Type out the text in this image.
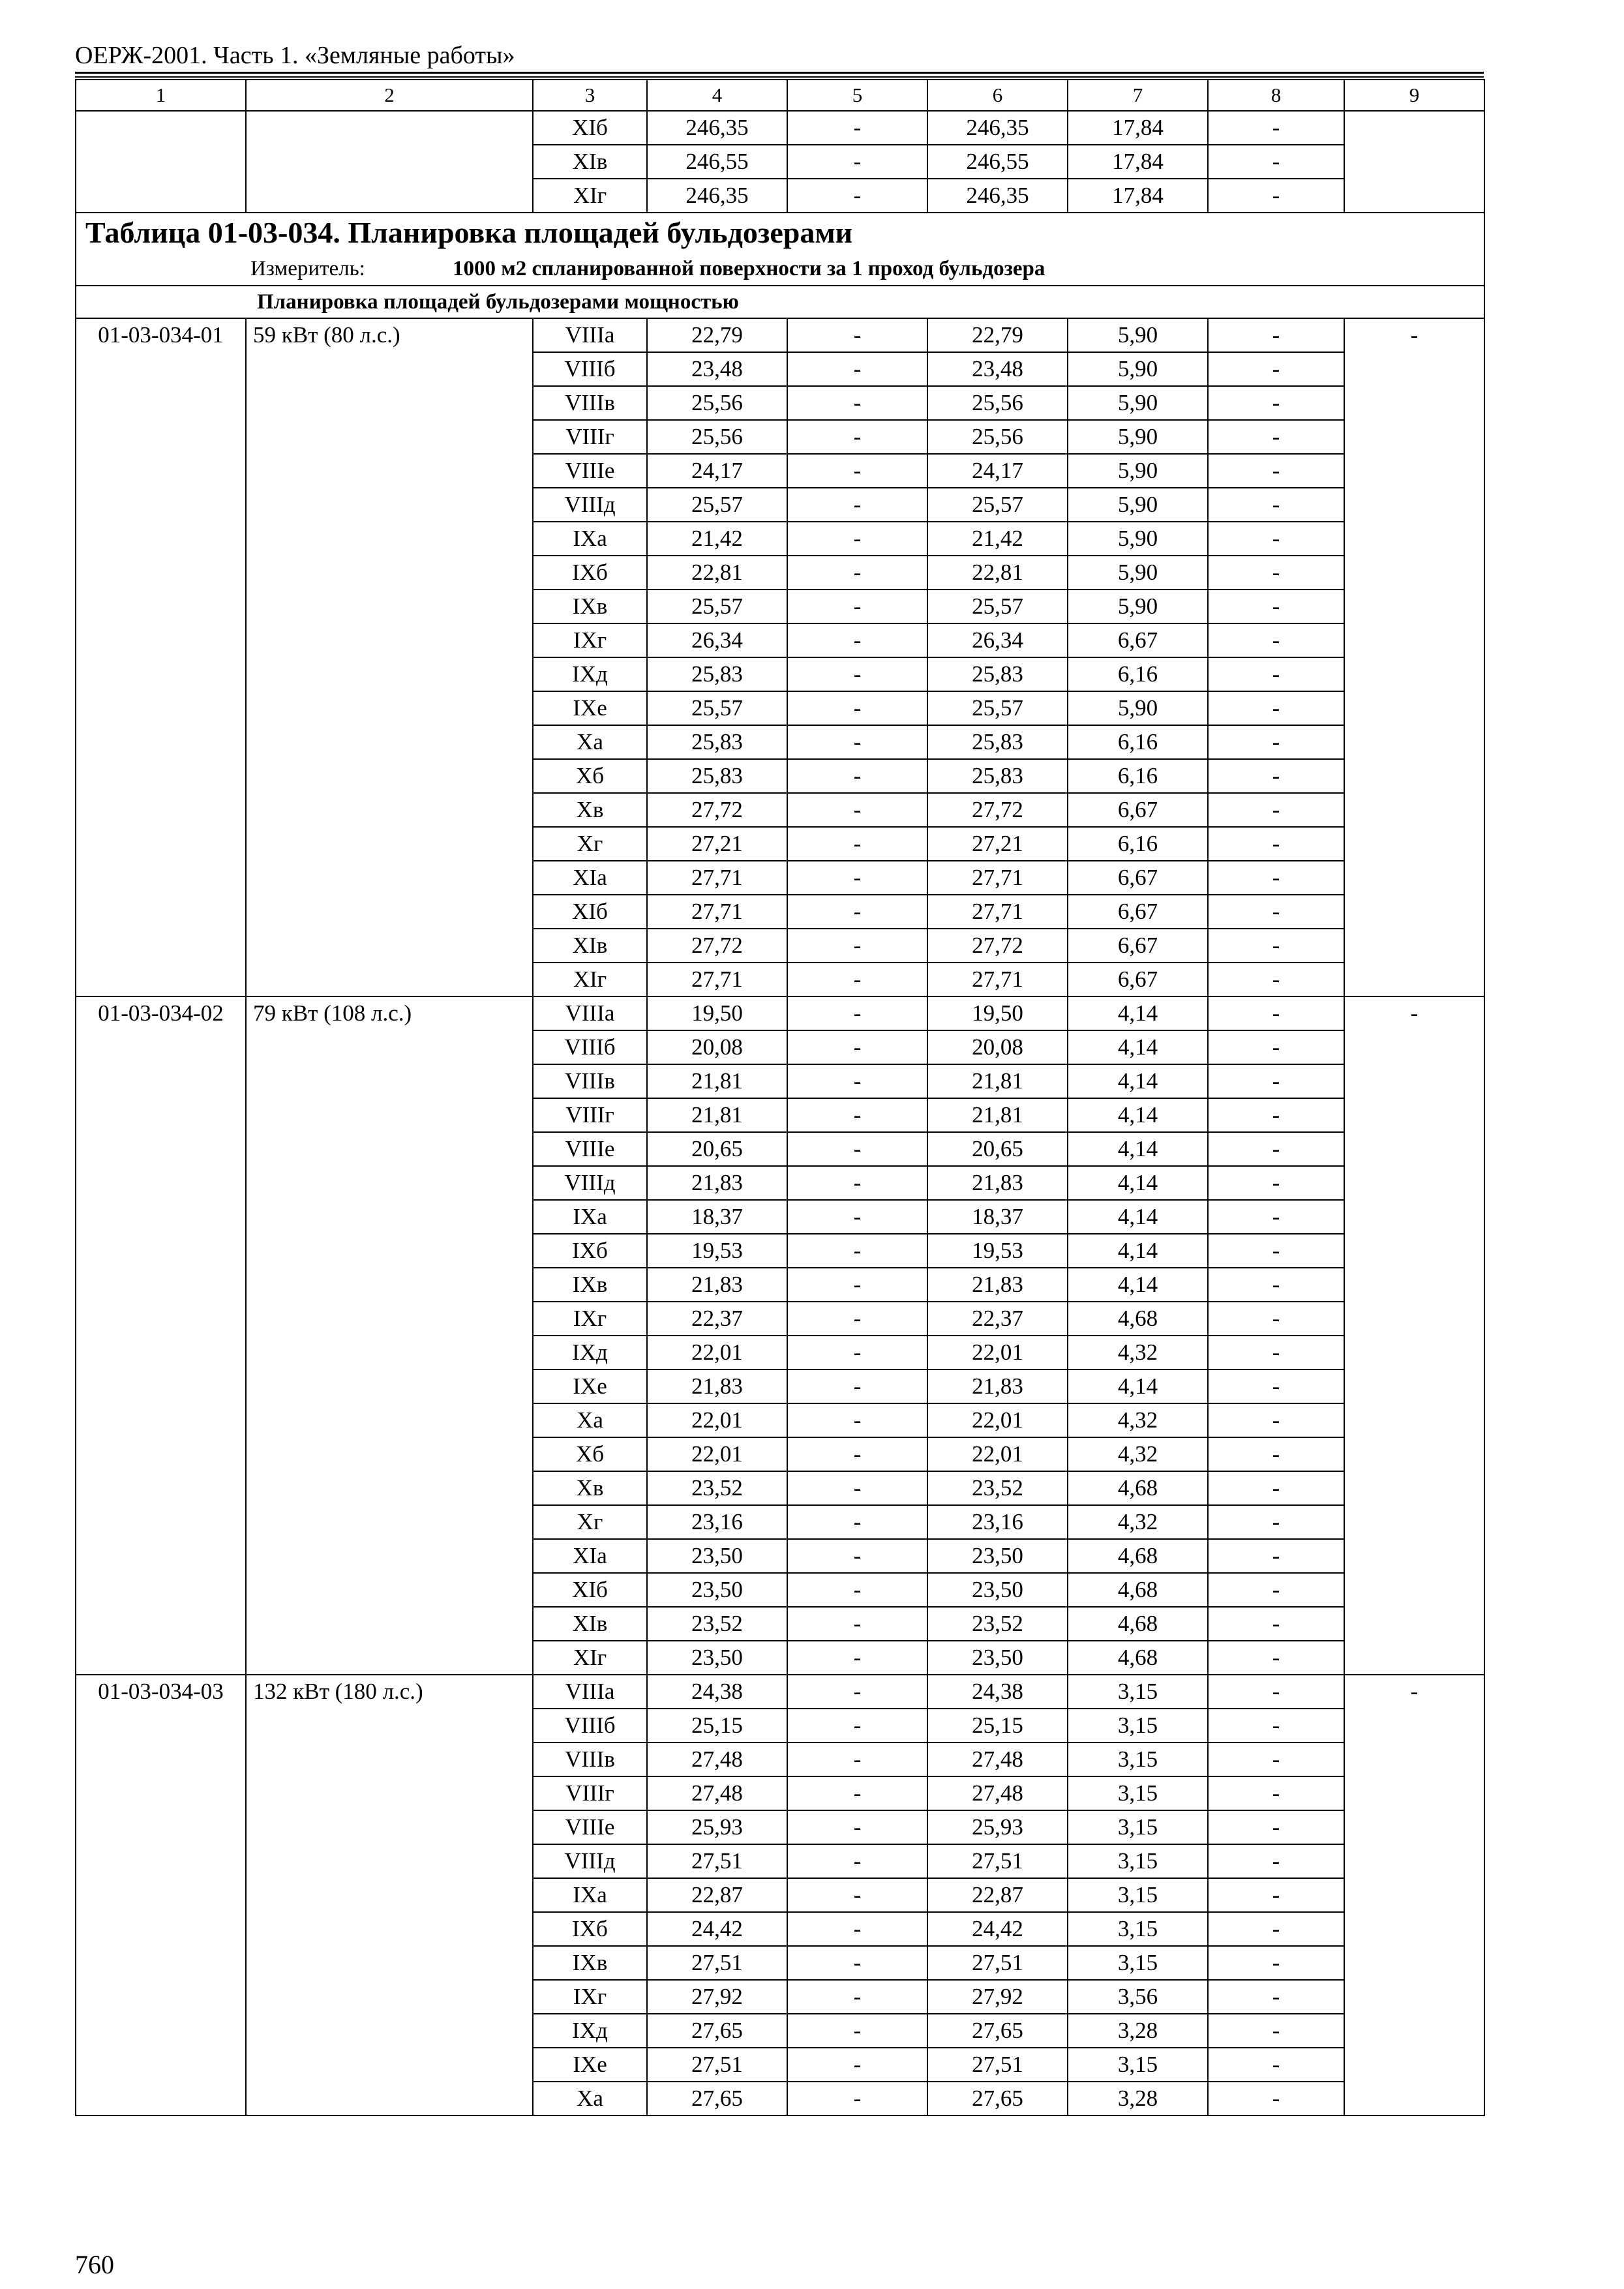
ОЕРЖ-2001. Часть 1. «Земляные работы»
1	2	3	4	5	6	7	8	9
		XIб	246,35	-	246,35	17,84	-	
		XIв	246,55	-	246,55	17,84	-	
		XIг	246,35	-	246,35	17,84	-	
Таблица 01-03-034. Планировка площадей бульдозерами								
Измеритель: 1000 м2 спланированной поверхности за 1 проход бульдозера								
Планировка площадей бульдозерами мощностью								
01-03-034-01	59 кВт (80 л.с.)	VIIIа	22,79	-	22,79	5,90	-	-
		VIIIб	23,48	-	23,48	5,90	-	
		VIIIв	25,56	-	25,56	5,90	-	
		VIIIг	25,56	-	25,56	5,90	-	
		VIIIе	24,17	-	24,17	5,90	-	
		VIIIд	25,57	-	25,57	5,90	-	
		IXа	21,42	-	21,42	5,90	-	
		IXб	22,81	-	22,81	5,90	-	
		IXв	25,57	-	25,57	5,90	-	
		IXг	26,34	-	26,34	6,67	-	
		IXд	25,83	-	25,83	6,16	-	
		IXе	25,57	-	25,57	5,90	-	
		Xа	25,83	-	25,83	6,16	-	
		Xб	25,83	-	25,83	6,16	-	
		Xв	27,72	-	27,72	6,67	-	
		Xг	27,21	-	27,21	6,16	-	
		XIа	27,71	-	27,71	6,67	-	
		XIб	27,71	-	27,71	6,67	-	
		XIв	27,72	-	27,72	6,67	-	
		XIг	27,71	-	27,71	6,67	-	
01-03-034-02	79 кВт (108 л.с.)	VIIIа	19,50	-	19,50	4,14	-	-
		VIIIб	20,08	-	20,08	4,14	-	
		VIIIв	21,81	-	21,81	4,14	-	
		VIIIг	21,81	-	21,81	4,14	-	
		VIIIе	20,65	-	20,65	4,14	-	
		VIIIд	21,83	-	21,83	4,14	-	
		IXа	18,37	-	18,37	4,14	-	
		IXб	19,53	-	19,53	4,14	-	
		IXв	21,83	-	21,83	4,14	-	
		IXг	22,37	-	22,37	4,68	-	
		IXд	22,01	-	22,01	4,32	-	
		IXе	21,83	-	21,83	4,14	-	
		Xа	22,01	-	22,01	4,32	-	
		Xб	22,01	-	22,01	4,32	-	
		Xв	23,52	-	23,52	4,68	-	
		Xг	23,16	-	23,16	4,32	-	
		XIа	23,50	-	23,50	4,68	-	
		XIб	23,50	-	23,50	4,68	-	
		XIв	23,52	-	23,52	4,68	-	
		XIг	23,50	-	23,50	4,68	-	
01-03-034-03	132 кВт (180 л.с.)	VIIIа	24,38	-	24,38	3,15	-	-
		VIIIб	25,15	-	25,15	3,15	-	
		VIIIв	27,48	-	27,48	3,15	-	
		VIIIг	27,48	-	27,48	3,15	-	
		VIIIе	25,93	-	25,93	3,15	-	
		VIIIд	27,51	-	27,51	3,15	-	
		IXа	22,87	-	22,87	3,15	-	
		IXб	24,42	-	24,42	3,15	-	
		IXв	27,51	-	27,51	3,15	-	
		IXг	27,92	-	27,92	3,56	-	
		IXд	27,65	-	27,65	3,28	-	
		IXе	27,51	-	27,51	3,15	-	
		Xа	27,65	-	27,65	3,28	-	
760
